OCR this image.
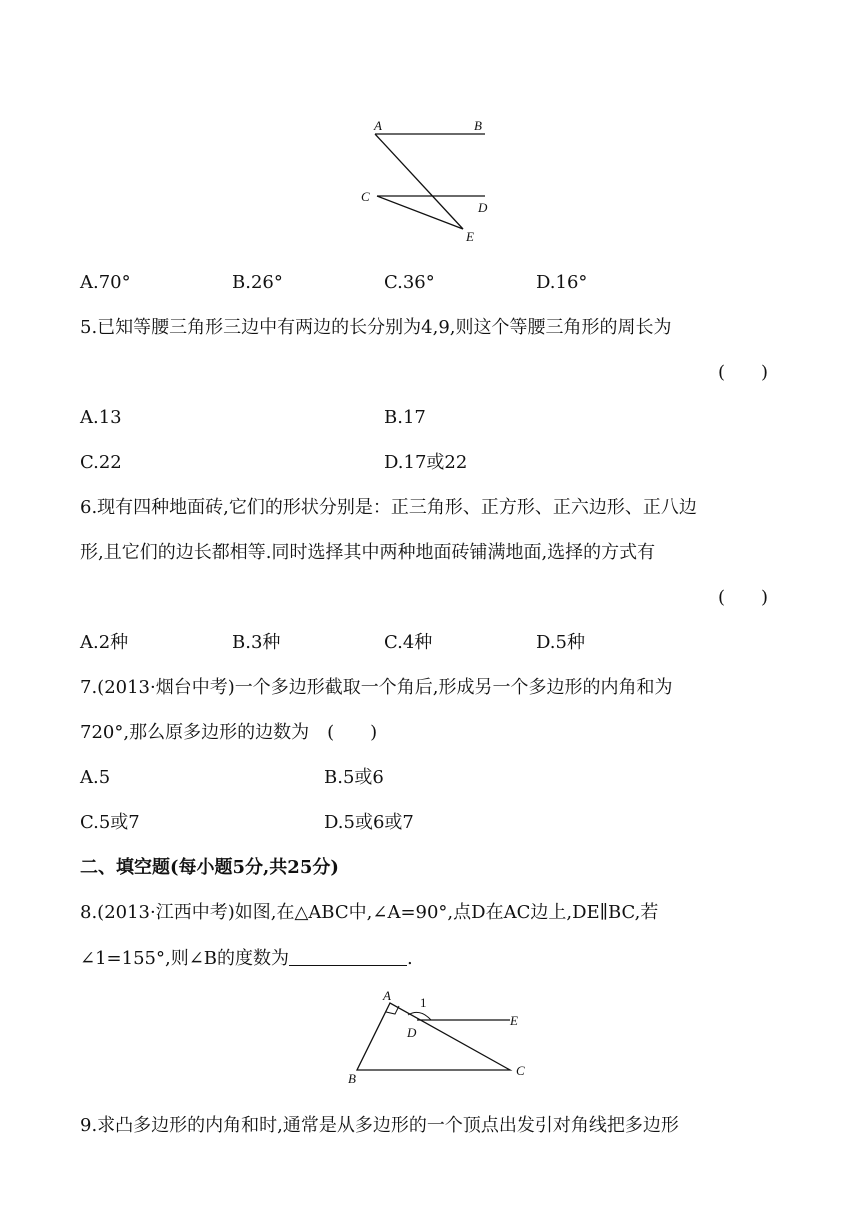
A	B
C
D
E
A.70°	B.26°	C.36°	D.16°
5.已知等腰三角形三边中有两边的长分别为4,9,则这个等腰三角形的周长为
(　　)
A.13	B.17
C.22	D.17或22
6.现有四种地面砖,它们的形状分别是：正三角形、正方形、正六边形、正八边
形,且它们的边长都相等.同时选择其中两种地面砖铺满地面,选择的方式有
(　　)
A.2种	B.3种	C.4种	D.5种
7.(2013·烟台中考)一个多边形截取一个角后,形成另一个多边形的内角和为
720°,那么原多边形的边数为　(　　)
A.5	B.5或6
C.5或7	D.5或6或7
二、填空题(每小题5分,共25分)
8.(2013·江西中考)如图,在△ABC中,∠A=90°,点D在AC边上,DE∥BC,若
∠1=155°,则∠B的度数为	.
A 1
D
E
B
C
9.求凸多边形的内角和时,通常是从多边形的一个顶点出发引对角线把多边形
